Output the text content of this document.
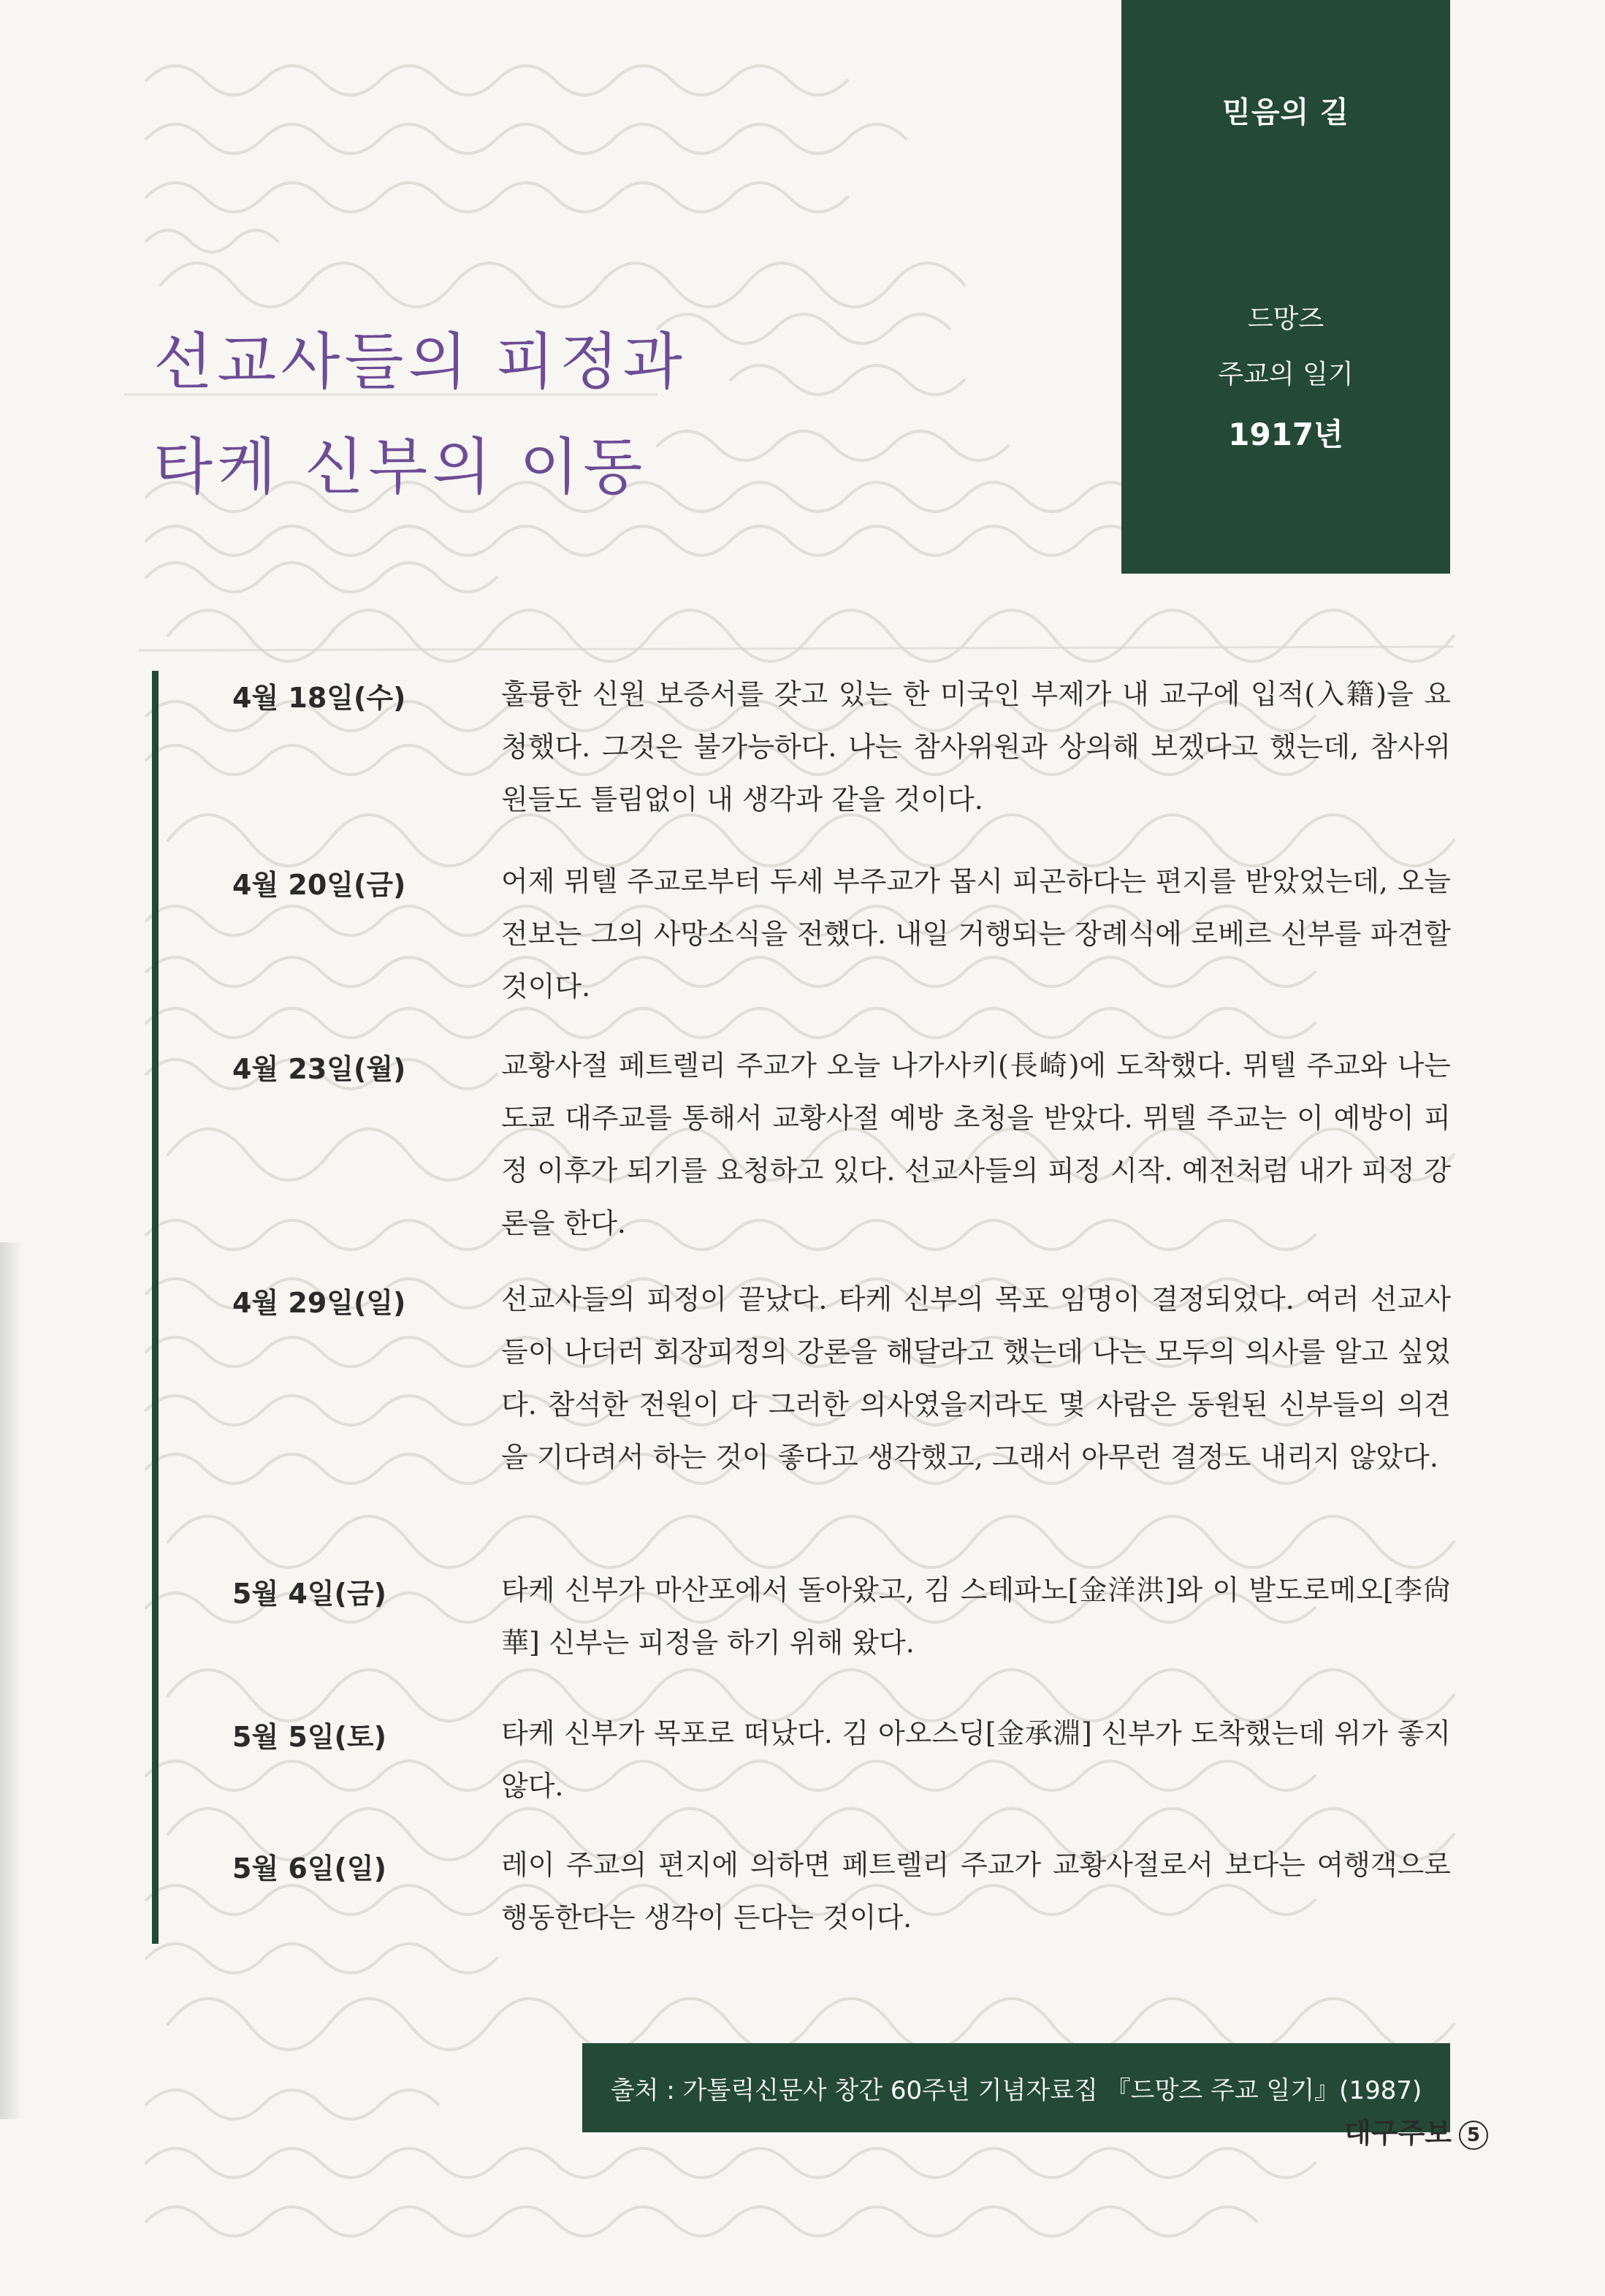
믿음의 길
드망즈
주교의 일기
1917년
선교사들의 피정과
타케 신부의 이동
4월 18일(수)	훌륭한 신원 보증서를 갖고 있는 한 미국인 부제가 내 교구에 입적(入籍)을 요청했다. 그것은 불가능하다. 나는 참사위원과 상의해 보겠다고 했는데, 참사위원들도 틀림없이 내 생각과 같을 것이다.

4월 20일(금)	어제 뮈텔 주교로부터 두세 부주교가 몹시 피곤하다는 편지를 받았었는데, 오늘 전보는 그의 사망소식을 전했다. 내일 거행되는 장례식에 로베르 신부를 파견할 것이다.

4월 23일(월)	교황사절 페트렐리 주교가 오늘 나가사키(長崎)에 도착했다. 뮈텔 주교와 나는 도쿄 대주교를 통해서 교황사절 예방 초청을 받았다. 뮈텔 주교는 이 예방이 피정 이후가 되기를 요청하고 있다. 선교사들의 피정 시작. 예전처럼 내가 피정 강론을 한다.

4월 29일(일)	선교사들의 피정이 끝났다. 타케 신부의 목포 임명이 결정되었다. 여러 선교사들이 나더러 회장피정의 강론을 해달라고 했는데 나는 모두의 의사를 알고 싶었다. 참석한 전원이 다 그러한 의사였을지라도 몇 사람은 동원된 신부들의 의견을 기다려서 하는 것이 좋다고 생각했고, 그래서 아무런 결정도 내리지 않았다.

5월 4일(금)	타케 신부가 마산포에서 돌아왔고, 김 스테파노[金洋洪]와 이 발도로메오[李尙華] 신부는 피정을 하기 위해 왔다.

5월 5일(토)	타케 신부가 목포로 떠났다. 김 아오스딩[金承淵] 신부가 도착했는데 위가 좋지 않다.

5월 6일(일)	레이 주교의 편지에 의하면 페트렐리 주교가 교황사절로서 보다는 여행객으로 행동한다는 생각이 든다는 것이다.

출처 : 가톨릭신문사 창간 60주년 기념자료집 『드망즈 주교 일기』(1987)
대구주보 5
